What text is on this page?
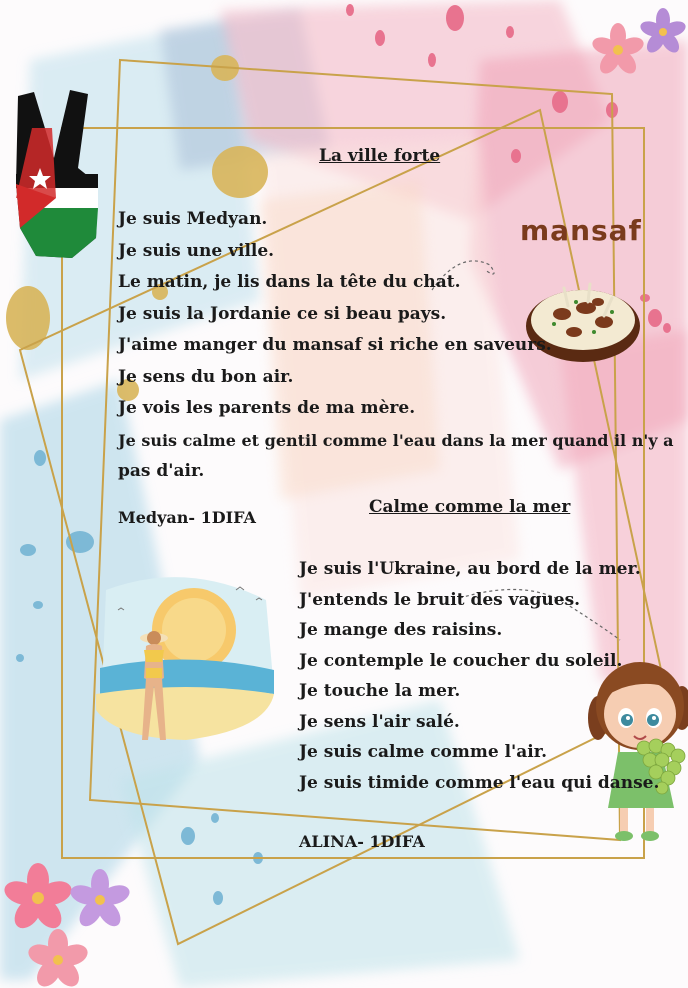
mansaf
La ville forte
Je suis Medyan.
Je suis une ville.
Le matin, je lis dans la tête du chat.
Je suis la Jordanie ce si beau pays.
J'aime manger du mansaf si riche en saveurs.
Je sens du bon air.
Je vois les parents de ma mère.
Je suis calme et gentil comme l'eau dans la mer quand il n'y a
pas d'air.
Medyan- 1DIFA
Calme comme la mer
Je suis l'Ukraine, au bord de la mer.
J'entends le bruit des vagues.
Je mange des raisins.
Je contemple le coucher du soleil.
Je touche la mer.
Je sens l'air salé.
Je suis calme comme l'air.
Je suis timide comme l'eau qui danse.
ALINA- 1DIFA
